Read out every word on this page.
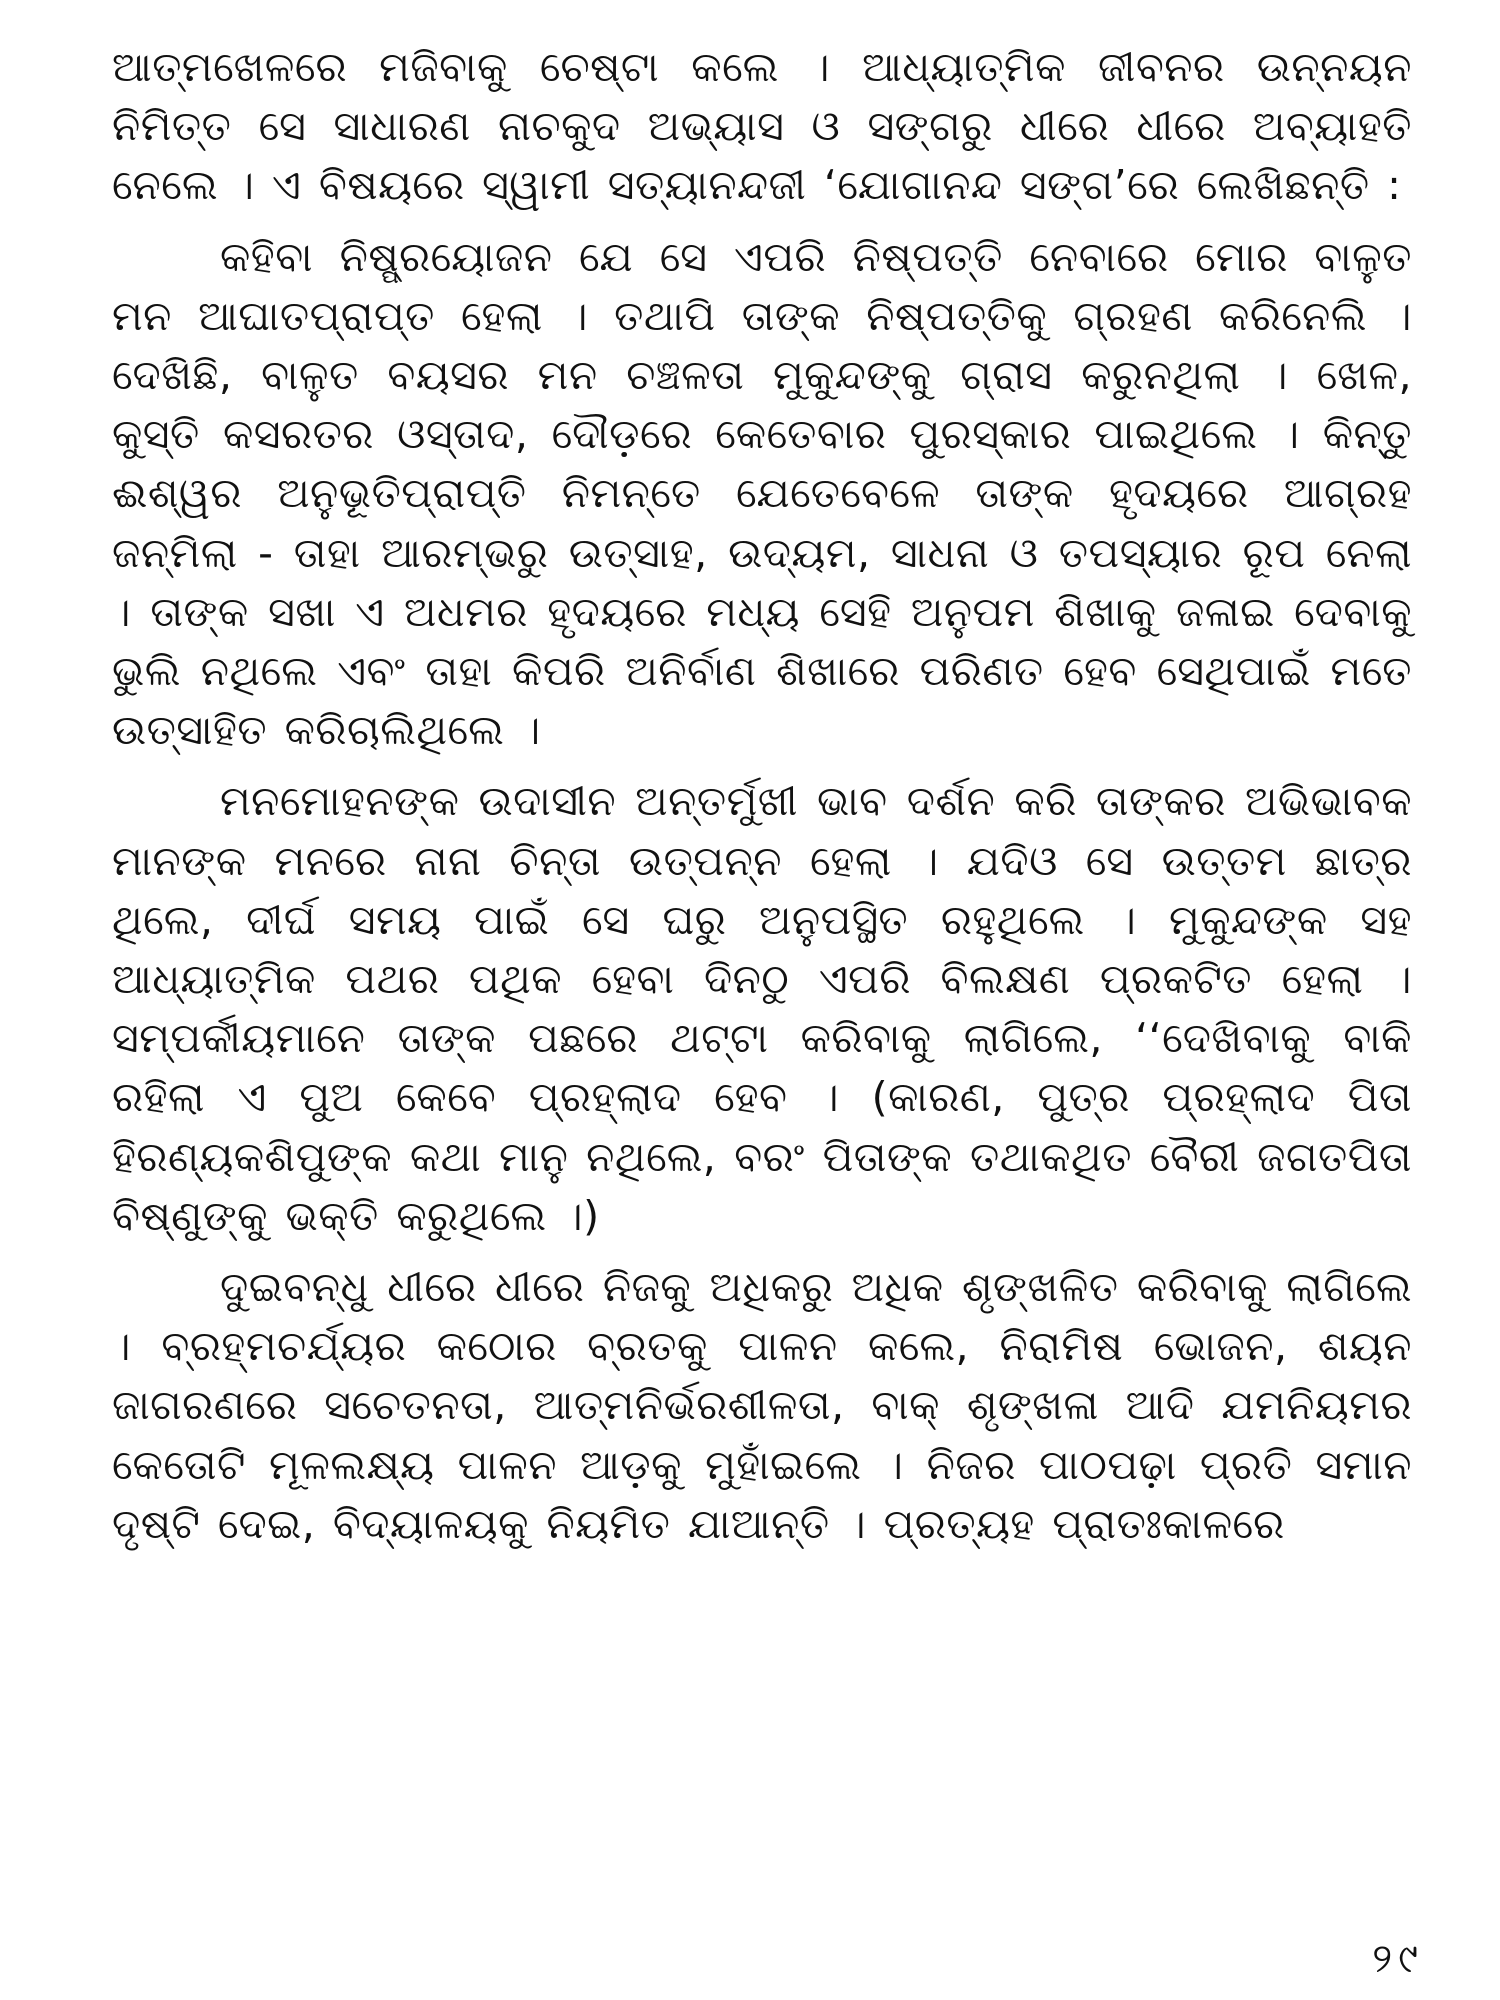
ଆତ୍ମଖେଳରେ ମଜିବାକୁ ଚେଷ୍ଟା କଲେ । ଆଧ୍ୟାତ୍ମିକ ଜୀବନର ଉନ୍ନୟନ ନିମିତ୍ତ ସେ ସାଧାରଣ ନାଚକୁଦ ଅଭ୍ୟାସ ଓ ସଙ୍ଗରୁ ଧୀରେ ଧୀରେ ଅବ୍ୟାହତି ନେଲେ । ଏ ବିଷୟରେ ସ୍ୱାମୀ ସତ୍ୟାନନ୍ଦଜୀ ‘ଯୋଗାନନ୍ଦ ସଙ୍ଗ’ରେ ଲେଖିଛନ୍ତି :

କହିବା ନିଷ୍ପ୍ରୟୋଜନ ଯେ ସେ ଏପରି ନିଷ୍ପତ୍ତି ନେବାରେ ମୋର ବାଳୁତ ମନ ଆଘାତପ୍ରାପ୍ତ ହେଲା । ତଥାପି ତାଙ୍କ ନିଷ୍ପତ୍ତିକୁ ଗ୍ରହଣ କରିନେଲି । ଦେଖିଛି, ବାଳୁତ ବୟସର ମନ ଚଞ୍ଚଳତା ମୁକୁନ୍ଦଙ୍କୁ ଗ୍ରାସ କରୁନଥିଲା । ଖେଳ, କୁସ୍ତି କସରତର ଓସ୍ତାଦ, ଦୌଡ଼ରେ କେତେବାର ପୁରସ୍କାର ପାଇଥିଲେ । କିନ୍ତୁ ଈଶ୍ୱର ଅନୁଭୂତିପ୍ରାପ୍ତି ନିମନ୍ତେ ଯେତେବେଳେ ତାଙ୍କ ହୃଦୟରେ ଆଗ୍ରହ ଜନ୍ମିଲା - ତାହା ଆରମ୍ଭରୁ ଉତ୍ସାହ, ଉଦ୍ୟମ, ସାଧନା ଓ ତପସ୍ୟାର ରୂପ ନେଲା । ତାଙ୍କ ସଖା ଏ ଅଧମର ହୃଦୟରେ ମଧ୍ୟ ସେହି ଅନୁପମ ଶିଖାକୁ ଜଳାଇ ଦେବାକୁ ଭୁଲି ନଥିଲେ ଏବଂ ତାହା କିପରି ଅନିର୍ବାଣ ଶିଖାରେ ପରିଣତ ହେବ ସେଥିପାଇଁ ମତେ ଉତ୍ସାହିତ କରିଚାଲିଥିଲେ ।

ମନମୋହନଙ୍କ ଉଦାସୀନ ଅନ୍ତର୍ମୁଖୀ ଭାବ ଦର୍ଶନ କରି ତାଙ୍କର ଅଭିଭାବକ ମାନଙ୍କ ମନରେ ନାନା ଚିନ୍ତା ଉତ୍ପନ୍ନ ହେଲା । ଯଦିଓ ସେ ଉତ୍ତମ ଛାତ୍ର ଥିଲେ, ଦୀର୍ଘ ସମୟ ପାଇଁ ସେ ଘରୁ ଅନୁପସ୍ଥିତ ରହୁଥିଲେ । ମୁକୁନ୍ଦଙ୍କ ସହ ଆଧ୍ୟାତ୍ମିକ ପଥର ପଥିକ ହେବା ଦିନଠୁ ଏପରି ବିଲକ୍ଷଣ ପ୍ରକଟିତ ହେଲା । ସମ୍ପର୍କୀୟମାନେ ତାଙ୍କ ପଛରେ ଥଟ୍ଟା କରିବାକୁ ଲାଗିଲେ, ‘‘ଦେଖିବାକୁ ବାକି ରହିଲା ଏ ପୁଅ କେବେ ପ୍ରହ୍ଲାଦ ହେବ । (କାରଣ, ପୁତ୍ର ପ୍ରହ୍ଲାଦ ପିତା ହିରଣ୍ୟକଶିପୁଙ୍କ କଥା ମାନୁ ନଥିଲେ, ବରଂ ପିତାଙ୍କ ତଥାକଥିତ ବୈରୀ ଜଗତପିତା ବିଷ୍ଣୁଙ୍କୁ ଭକ୍ତି କରୁଥିଲେ ।)

ଦୁଇବନ୍ଧୁ ଧୀରେ ଧୀରେ ନିଜକୁ ଅଧିକରୁ ଅଧିକ ଶୃଙ୍ଖଳିତ କରିବାକୁ ଲାଗିଲେ । ବ୍ରହ୍ମଚର୍ଯ୍ୟର କଠୋର ବ୍ରତକୁ ପାଳନ କଲେ, ନିରାମିଷ ଭୋଜନ, ଶୟନ ଜାଗରଣରେ ସଚେତନତା, ଆତ୍ମନିର୍ଭରଶୀଳତା, ବାକ୍ ଶୃଙ୍ଖଳା ଆଦି ଯମନିୟମର କେତୋଟି ମୂଳଲକ୍ଷ୍ୟ ପାଳନ ଆଡ଼କୁ ମୁହାଁଇଲେ । ନିଜର ପାଠପଢ଼ା ପ୍ରତି ସମାନ ଦୃଷ୍ଟି ଦେଇ, ବିଦ୍ୟାଳୟକୁ ନିୟମିତ ଯାଆନ୍ତି । ପ୍ରତ୍ୟହ ପ୍ରାତଃକାଳରେ

୨୯
